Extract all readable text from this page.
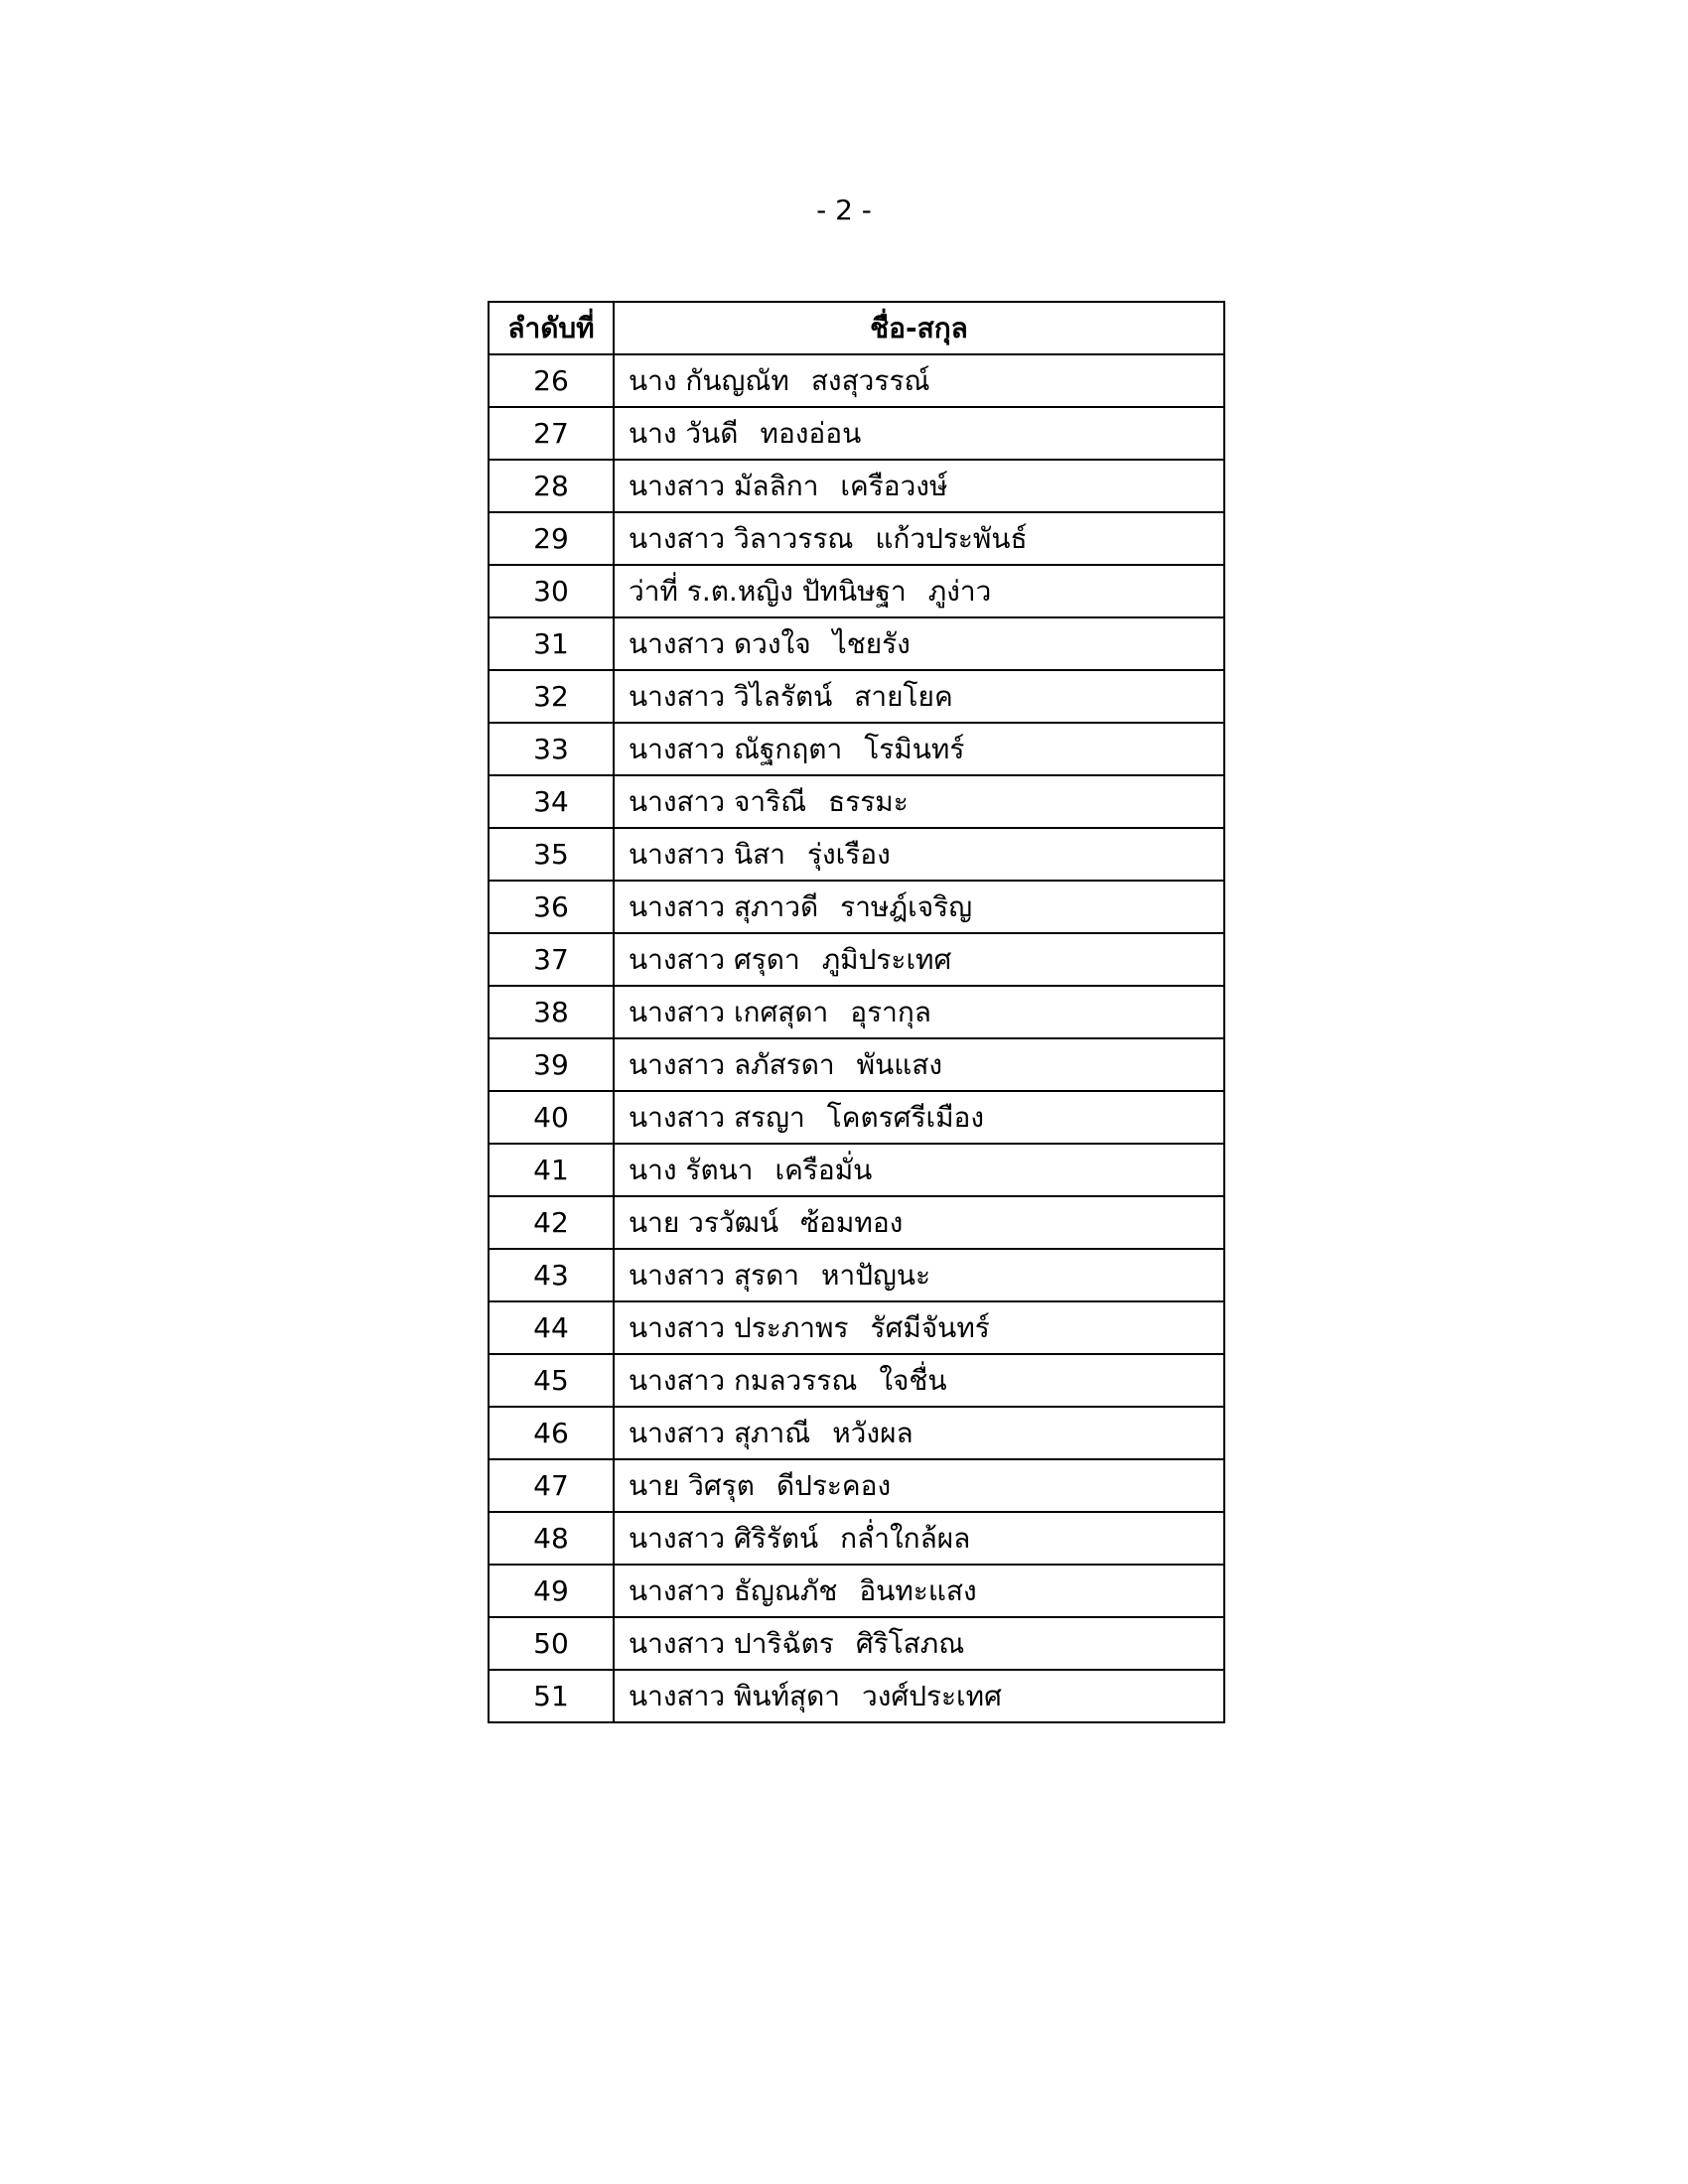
- 2 -
ลำดับที่	ชื่อ-สกุล
26	นาง กันญณัท สงสุวรรณ์
27	นาง วันดี ทองอ่อน
28	นางสาว มัลลิกา เครือวงษ์
29	นางสาว วิลาวรรณ แก้วประพันธ์
30	ว่าที่ ร.ต.หญิง ปัทนิษฐา ภูง่าว
31	นางสาว ดวงใจ ไชยรัง
32	นางสาว วิไลรัตน์ สายโยค
33	นางสาว ณัฐกฤตา โรมินทร์
34	นางสาว จาริณี ธรรมะ
35	นางสาว นิสา รุ่งเรือง
36	นางสาว สุภาวดี ราษฎ์เจริญ
37	นางสาว ศรุดา ภูมิประเทศ
38	นางสาว เกศสุดา อุรากุล
39	นางสาว ลภัสรดา พันแสง
40	นางสาว สรญา โคตรศรีเมือง
41	นาง รัตนา เครือมั่น
42	นาย วรวัฒน์ ซ้อมทอง
43	นางสาว สุรดา หาปัญนะ
44	นางสาว ประภาพร รัศมีจันทร์
45	นางสาว กมลวรรณ ใจชื่น
46	นางสาว สุภาณี หวังผล
47	นาย วิศรุต ดีประคอง
48	นางสาว ศิริรัตน์ กล่ำใกล้ผล
49	นางสาว ธัญณภัช อินทะแสง
50	นางสาว ปาริฉัตร ศิริโสภณ
51	นางสาว พินท์สุดา วงศ์ประเทศ
